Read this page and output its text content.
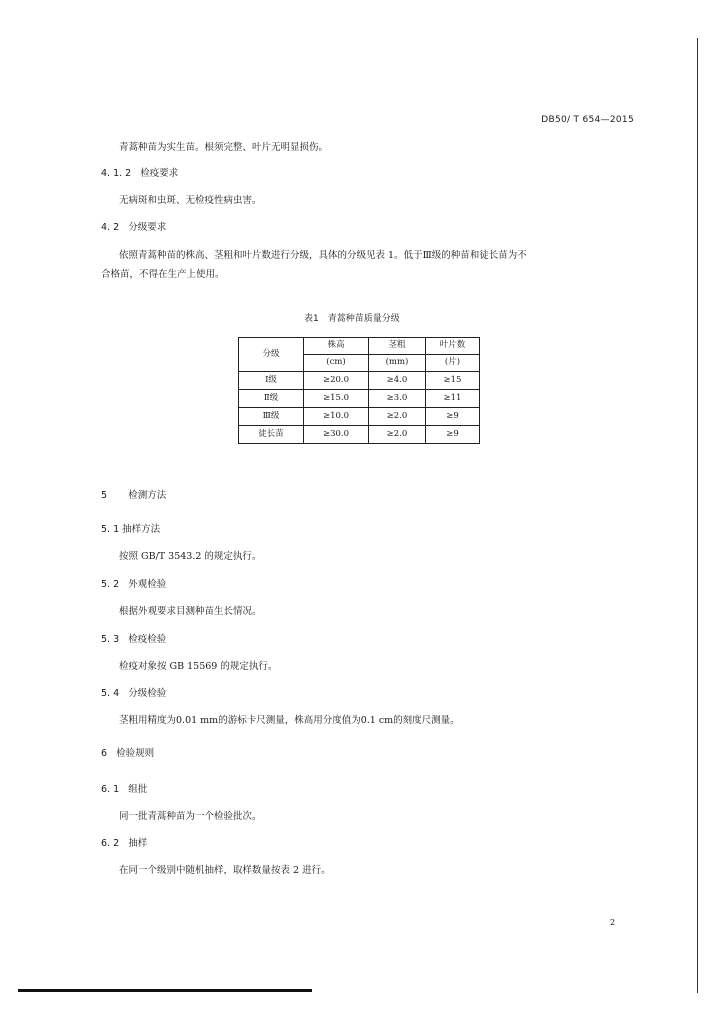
DB50/ T 654—2015
青蒿种苗为实生苗。根须完整、叶片无明显损伤。
4. 1. 2 检疫要求
无病斑和虫斑、无检疫性病虫害。
4. 2 分级要求
依照青蒿种苗的株高、茎粗和叶片数进行分级，具体的分级见表 1。低于Ⅲ级的种苗和徒长苗为不
合格苗，不得在生产上使用。
表1　青蒿种苗质量分级
分级	株高	茎粗	叶片数
	(cm)	(mm)	(片)
Ⅰ级	≥20.0	≥4.0	≥15
Ⅱ级	≥15.0	≥3.0	≥11
Ⅲ级	≥10.0	≥2.0	≥9
徒长苗	≥30.0	≥2.0	≥9
5 检测方法
5. 1 抽样方法
按照 GB/T 3543.2 的规定执行。
5. 2 外观检验
根据外观要求目测种苗生长情况。
5. 3 检疫检验
检疫对象按 GB 15569 的规定执行。
5. 4 分级检验
茎粗用精度为0.01 mm的游标卡尺测量，株高用分度值为0.1 cm的刻度尺测量。
6 检验规则
6. 1 组批
同一批青蒿种苗为一个检验批次。
6. 2 抽样
在同一个级别中随机抽样，取样数量按表 2 进行。
2
